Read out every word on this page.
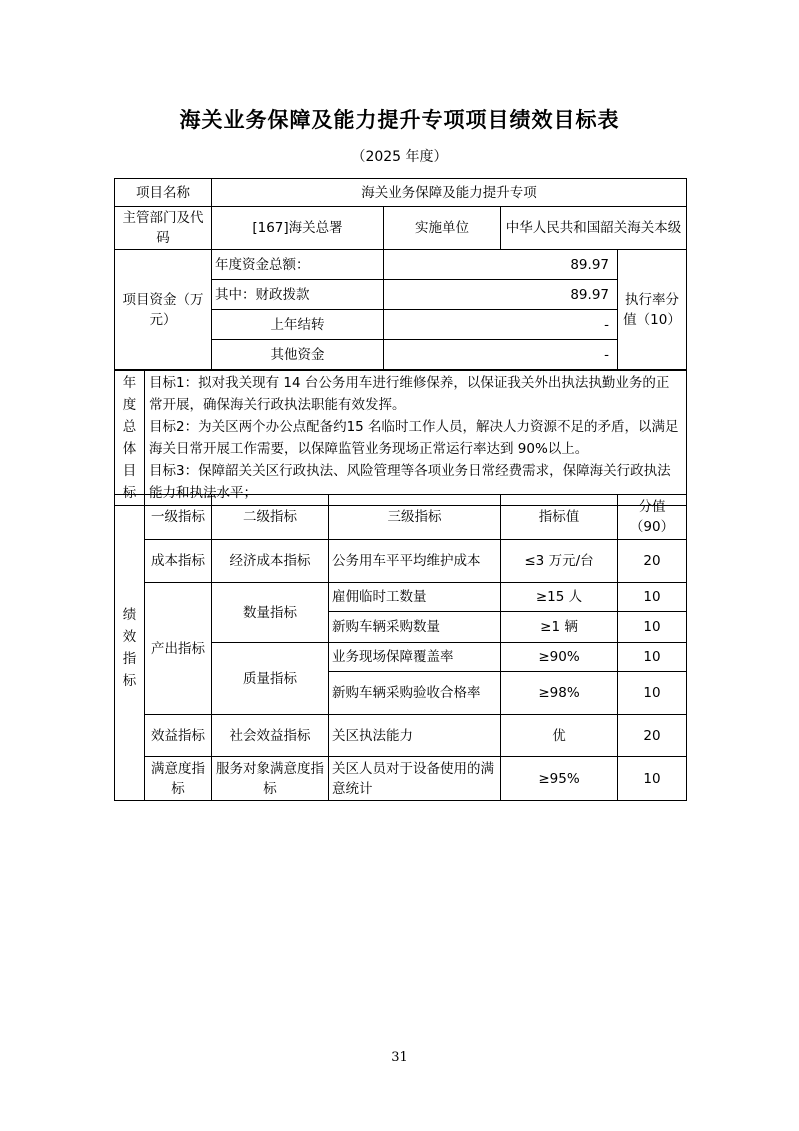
海关业务保障及能力提升专项项目绩效目标表
（2025 年度）
项目名称	海关业务保障及能力提升专项			
主管部门及代码	[167]海关总署	实施单位	中华人民共和国韶关海关本级	
项目资金（万元）	年度资金总额：	89.97		执行率分值（10）
	其中：财政拨款	89.97		
	上年结转	-		
	其他资金	-		
年度总体目标

目标1：拟对我关现有 14 台公务用车进行维修保养，以保证我关外出执法执勤业务的正常开展，确保海关行政执法职能有效发挥。
目标2：为关区两个办公点配备约15 名临时工作人员，解决人力资源不足的矛盾，以满足海关日常开展工作需要，以保障监管业务现场正常运行率达到 90%以上。
目标3：保障韶关关区行政执法、风险管理等各项业务日常经费需求，保障海关行政执法能力和执法水平；
绩效指标	一级指标	二级指标	三级指标	指标值	分值（90）
	成本指标	经济成本指标	公务用车平平均维护成本	≤3 万元/台	20
	产出指标	数量指标	雇佣临时工数量	≥15 人	10
			新购车辆采购数量	≥1 辆	10
		质量指标	业务现场保障覆盖率	≥90%	10
			新购车辆采购验收合格率	≥98%	10
	效益指标	社会效益指标	关区执法能力	优	20
	满意度指标	服务对象满意度指标	关区人员对于设备使用的满意统计	≥95%	10
31
